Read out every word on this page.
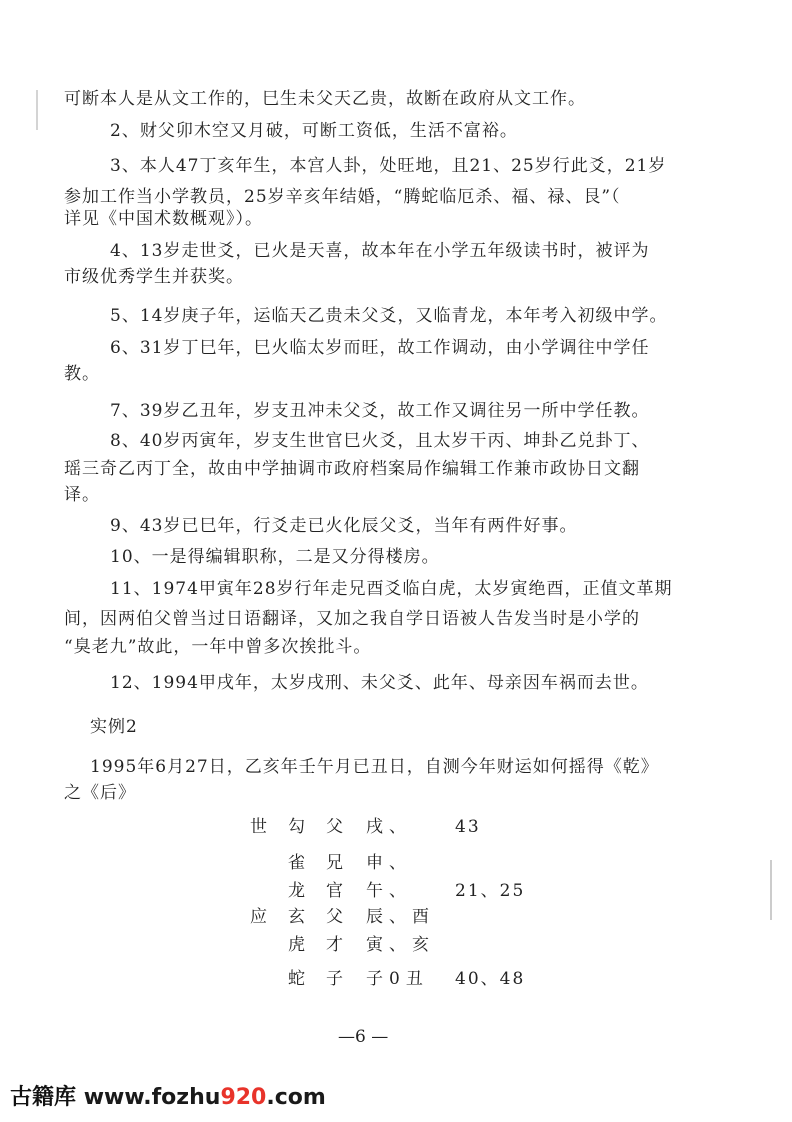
可断本人是从文工作的，巳生未父天乙贵，故断在政府从文工作。
2、财父卯木空又月破，可断工资低，生活不富裕。
3、本人47丁亥年生，本宫人卦，处旺地，且21、25岁行此爻，21岁
参加工作当小学教员，25岁辛亥年结婚，“腾蛇临厄杀、福、禄、艮”（
详见《中国术数概观》）。
4、13岁走世爻，已火是天喜，故本年在小学五年级读书时，被评为
市级优秀学生并获奖。
5、14岁庚子年，运临天乙贵未父爻，又临青龙，本年考入初级中学。
6、31岁丁巳年，巳火临太岁而旺，故工作调动，由小学调往中学任
教。
7、39岁乙丑年，岁支丑冲未父爻，故工作又调往另一所中学任教。
8、40岁丙寅年，岁支生世官巳火爻，且太岁干丙、坤卦乙兑卦丁、
瑶三奇乙丙丁全，故由中学抽调市政府档案局作编辑工作兼市政协日文翻
译。
9、43岁已巳年，行爻走已火化辰父爻，当年有两件好事。
10、一是得编辑职称，二是又分得楼房。
11、1974甲寅年28岁行年走兄酉爻临白虎，太岁寅绝酉，正值文革期
间，因两伯父曾当过日语翻译，又加之我自学日语被人告发当时是小学的
“臭老九”故此，一年中曾多次挨批斗。
12、1994甲戌年，太岁戌刑、未父爻、此年、母亲因车祸而去世。
实例2
1995年6月27日，乙亥年壬午月已丑日，自测今年财运如何摇得《乾》
之《后》
世 勾 父 戌、	43
雀 兄 申、
龙 官 午、	21、25
应 玄 父 辰、酉
虎 才 寅、亥
蛇 子 子0丑 40、48
—6 —
古籍库 www.fozhu920.com
